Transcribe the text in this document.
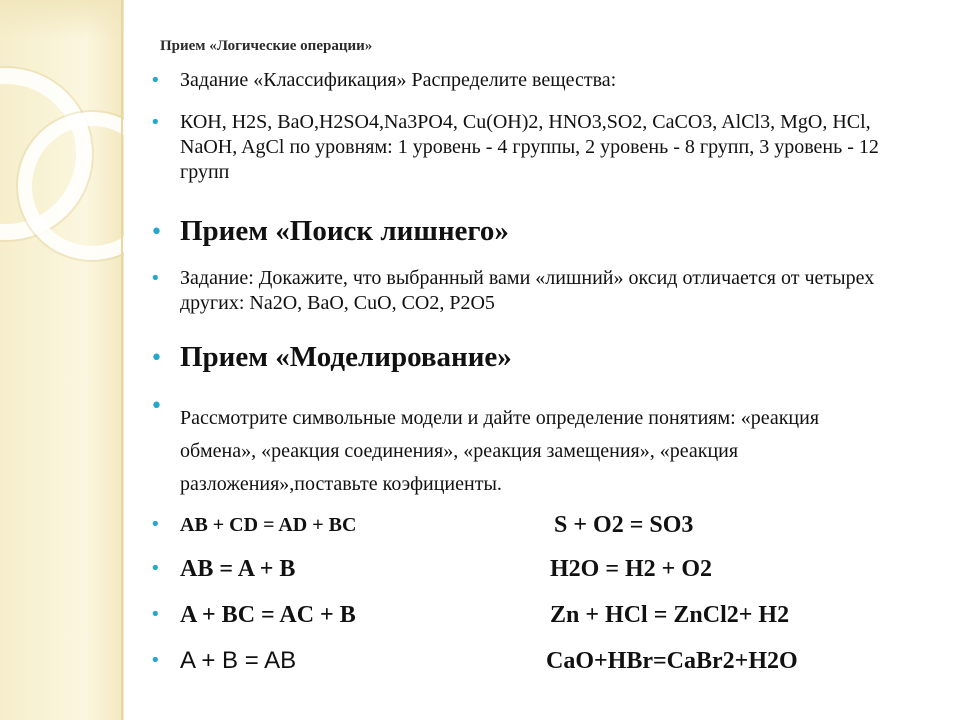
Прием «Логические операции»
• Задание «Классификация» Распределите вещества:
• КОН, H2S, BaO,H2SO4,Na3PO4, Cu(OH)2, HNO3,SO2, CaCO3, AlCl3, MgO, HCl, NaOH, AgCl по уровням: 1 уровень - 4 группы, 2 уровень - 8 групп, 3 уровень - 12 групп
• Прием «Поиск лишнего»
• Задание: Докажите, что выбранный вами «лишний» оксид отличается от четырех других: Na2O, BaO, CuO, CO2, P2O5
• Прием «Моделирование»
• Рассмотрите символьные модели и дайте определение понятиям: «реакция обмена», «реакция соединения», «реакция замещения», «реакция разложения»,поставьте коэфициенты.
• AB + CD = AD + BC	S + O2 = SO3
• AB = A + B	H2O = H2 + O2
• A + BC = AC + B	Zn + HCl = ZnCl2+ H2
• A + B = AB	CaO+HBr=CaBr2+H2O
